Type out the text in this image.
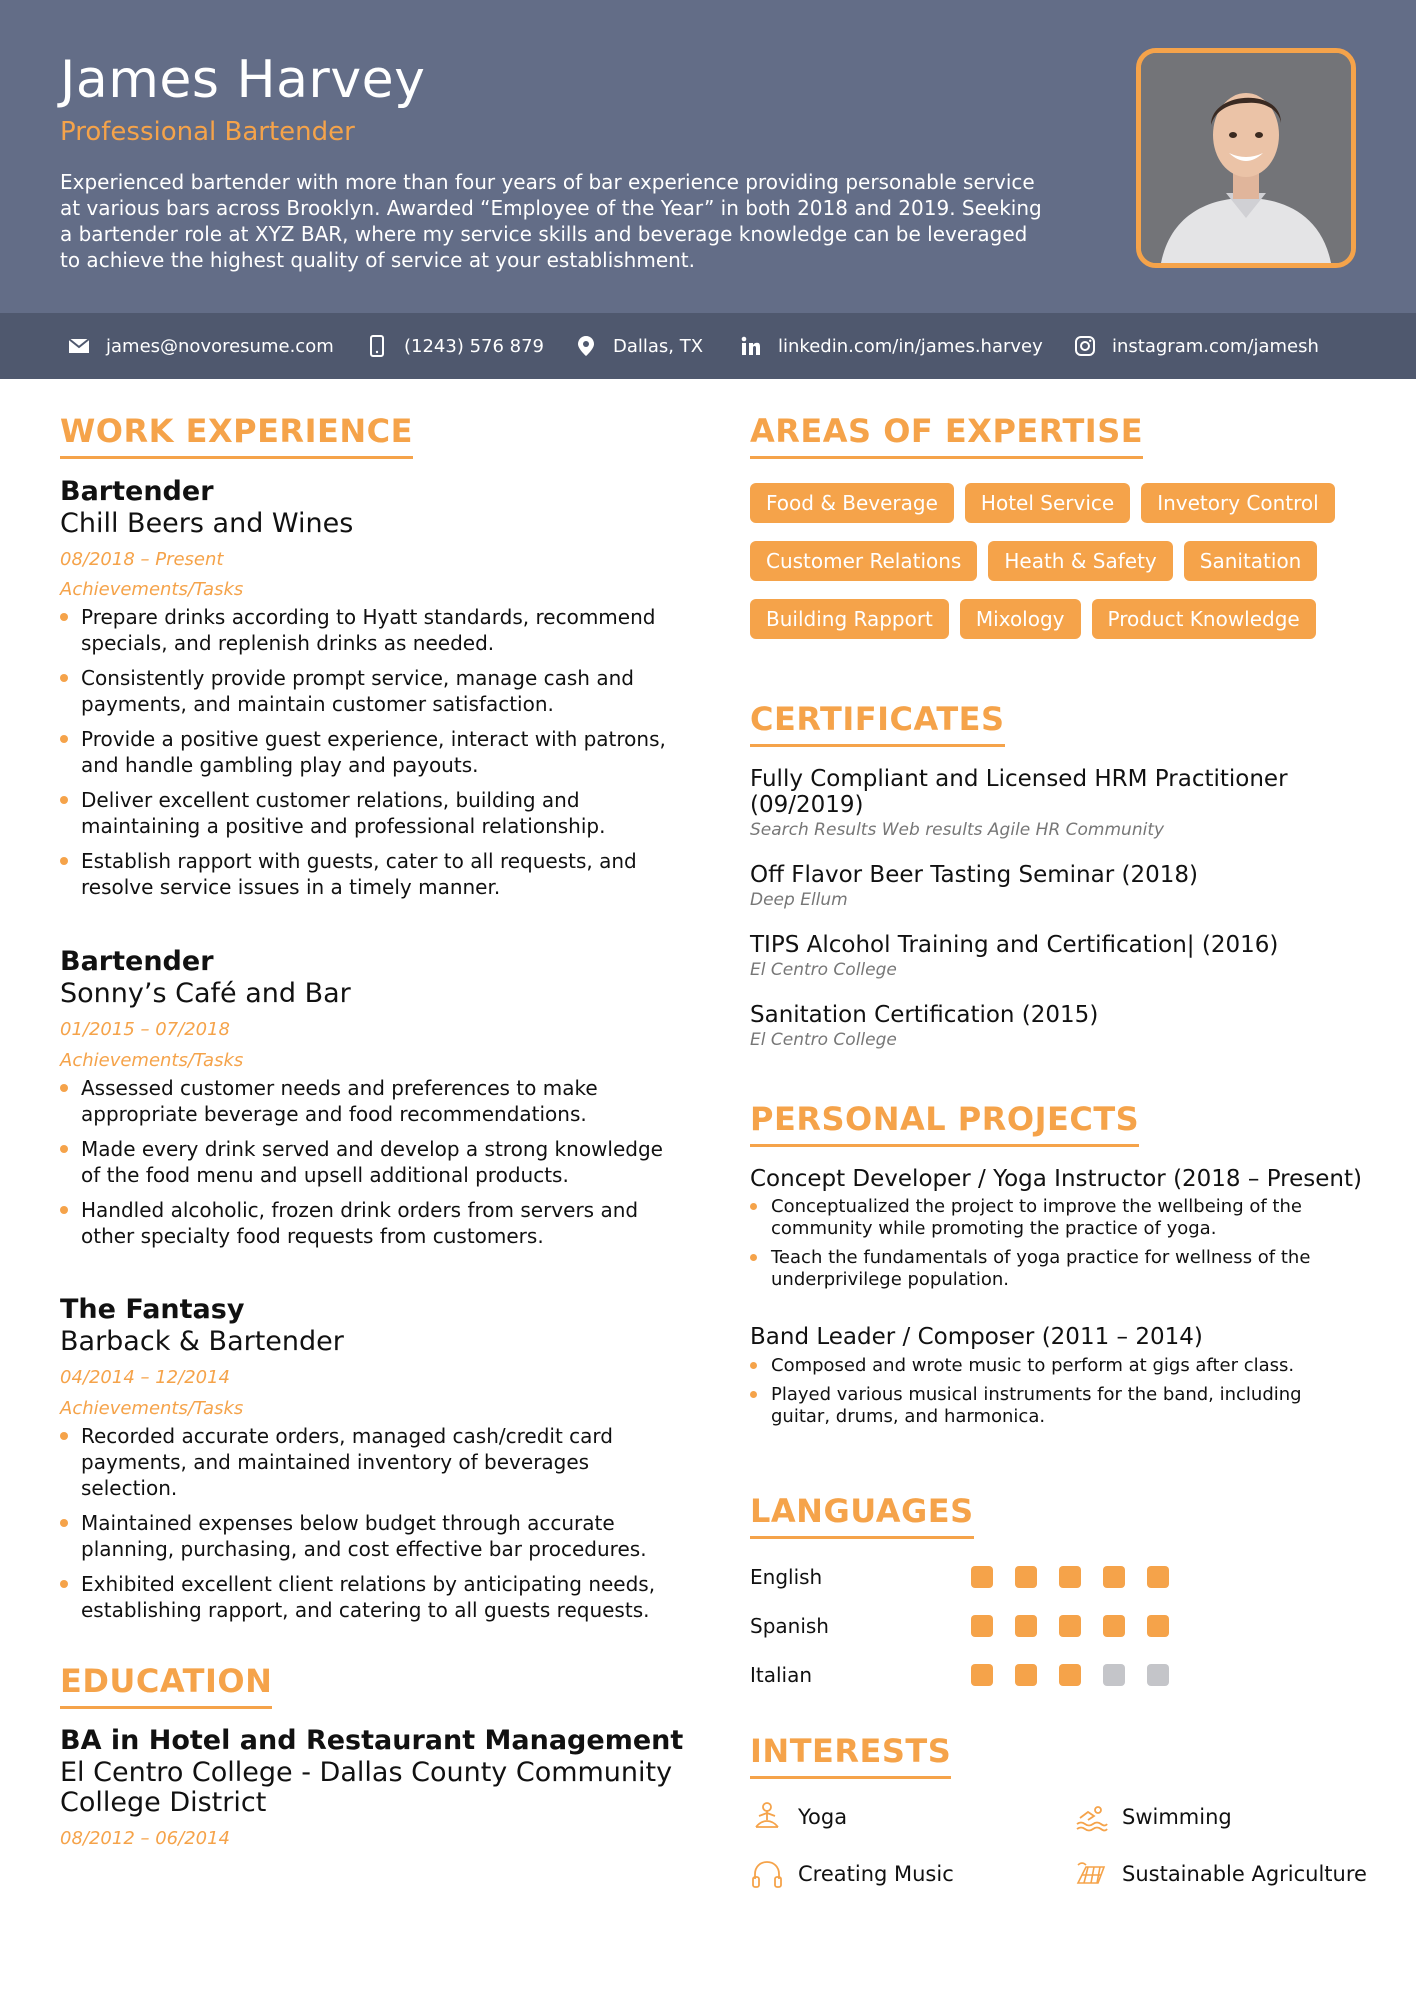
James Harvey
Professional Bartender
Experienced bartender with more than four years of bar experience providing personable service at various bars across Brooklyn. Awarded “Employee of the Year” in both 2018 and 2019. Seeking a bartender role at XYZ BAR, where my service skills and beverage knowledge can be leveraged to achieve the highest quality of service at your establishment.
james@novoresume.com	(1243) 576 879	Dallas, TX	linkedin.com/in/james.harvey	instagram.com/jamesh
WORK EXPERIENCE
Bartender
Chill Beers and Wines
08/2018 – Present
Achievements/Tasks
Prepare drinks according to Hyatt standards, recommend specials, and replenish drinks as needed.
Consistently provide prompt service, manage cash and payments, and maintain customer satisfaction.
Provide a positive guest experience, interact with patrons, and handle gambling play and payouts.
Deliver excellent customer relations, building and maintaining a positive and professional relationship.
Establish rapport with guests, cater to all requests, and resolve service issues in a timely manner.
Bartender
Sonny’s Café and Bar
01/2015 – 07/2018
Achievements/Tasks
Assessed customer needs and preferences to make appropriate beverage and food recommendations.
Made every drink served and develop a strong knowledge of the food menu and upsell additional products.
Handled alcoholic, frozen drink orders from servers and other specialty food requests from customers.
The Fantasy
Barback & Bartender
04/2014 – 12/2014
Achievements/Tasks
Recorded accurate orders, managed cash/credit card payments, and maintained inventory of beverages selection.
Maintained expenses below budget through accurate planning, purchasing, and cost effective bar procedures.
Exhibited excellent client relations by anticipating needs, establishing rapport, and catering to all guests requests.
EDUCATION
BA in Hotel and Restaurant Management
El Centro College - Dallas County Community College District
08/2012 – 06/2014
AREAS OF EXPERTISE
Food & Beverage	Hotel Service	Invetory Control
Customer Relations	Heath & Safety	Sanitation
Building Rapport	Mixology	Product Knowledge
CERTIFICATES
Fully Compliant and Licensed HRM Practitioner (09/2019)
Search Results Web results Agile HR Community
Off Flavor Beer Tasting Seminar (2018)
Deep Ellum
TIPS Alcohol Training and Certification| (2016)
El Centro College
Sanitation Certification (2015)
El Centro College
PERSONAL PROJECTS
Concept Developer / Yoga Instructor (2018 – Present)
Conceptualized the project to improve the wellbeing of the community while promoting the practice of yoga.
Teach the fundamentals of yoga practice for wellness of the underprivilege population.
Band Leader / Composer (2011 – 2014)
Composed and wrote music to perform at gigs after class.
Played various musical instruments for the band, including guitar, drums, and harmonica.
LANGUAGES
English
Spanish
Italian
INTERESTS
Yoga	Swimming
Creating Music	Sustainable Agriculture
